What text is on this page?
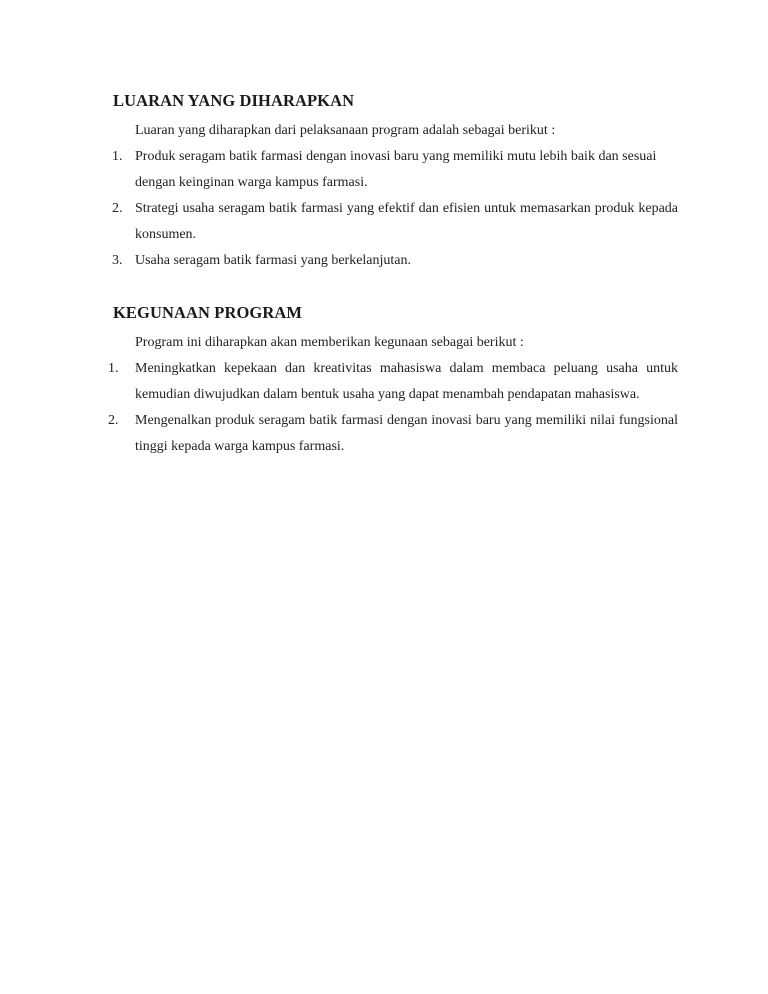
LUARAN YANG DIHARAPKAN

Luaran yang diharapkan dari pelaksanaan program adalah sebagai berikut :

1. Produk seragam batik farmasi dengan inovasi baru yang memiliki mutu lebih baik dan sesuai dengan keinginan warga kampus farmasi.
2. Strategi usaha seragam batik farmasi yang efektif dan efisien untuk memasarkan produk kepada konsumen.
3. Usaha seragam batik farmasi yang berkelanjutan.
KEGUNAAN PROGRAM

Program ini diharapkan akan memberikan kegunaan sebagai berikut :

1.	Meningkatkan kepekaan dan kreativitas mahasiswa dalam membaca peluang usaha untuk kemudian diwujudkan dalam bentuk usaha yang dapat menambah pendapatan mahasiswa.
2.	Mengenalkan produk seragam batik farmasi dengan inovasi baru yang memiliki nilai fungsional tinggi kepada warga kampus farmasi.
